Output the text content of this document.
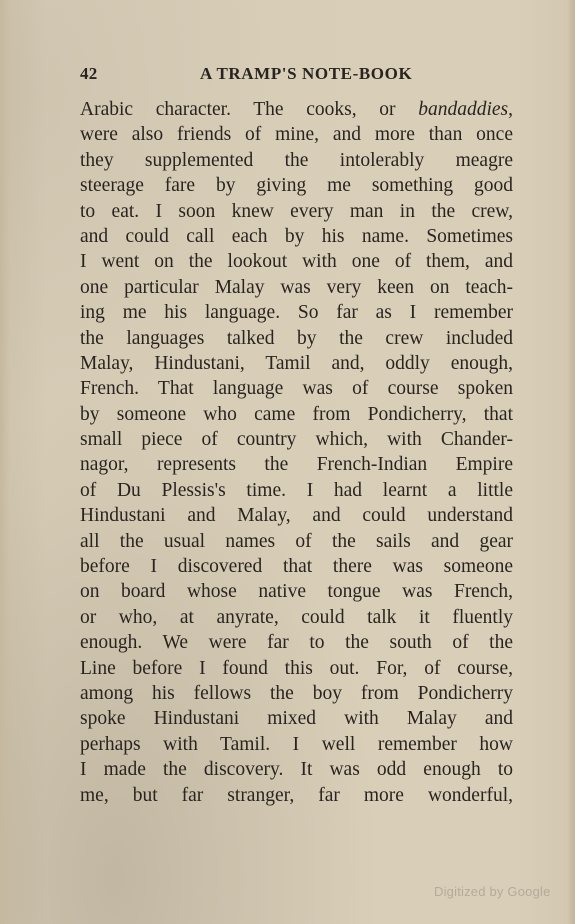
42	A TRAMP'S NOTE-BOOK
Arabic character. The cooks, or bandaddies,
were also friends of mine, and more than once
they supplemented the intolerably meagre
steerage fare by giving me something good
to eat. I soon knew every man in the crew,
and could call each by his name. Sometimes
I went on the lookout with one of them, and
one particular Malay was very keen on teach-
ing me his language. So far as I remember
the languages talked by the crew included
Malay, Hindustani, Tamil and, oddly enough,
French. That language was of course spoken
by someone who came from Pondicherry, that
small piece of country which, with Chander-
nagor, represents the French-Indian Empire
of Du Plessis's time. I had learnt a little
Hindustani and Malay, and could understand
all the usual names of the sails and gear
before I discovered that there was someone
on board whose native tongue was French,
or who, at anyrate, could talk it fluently
enough. We were far to the south of the
Line before I found this out. For, of course,
among his fellows the boy from Pondicherry
spoke Hindustani mixed with Malay and
perhaps with Tamil. I well remember how
I made the discovery. It was odd enough to
me, but far stranger, far more wonderful,
Digitized by Google
